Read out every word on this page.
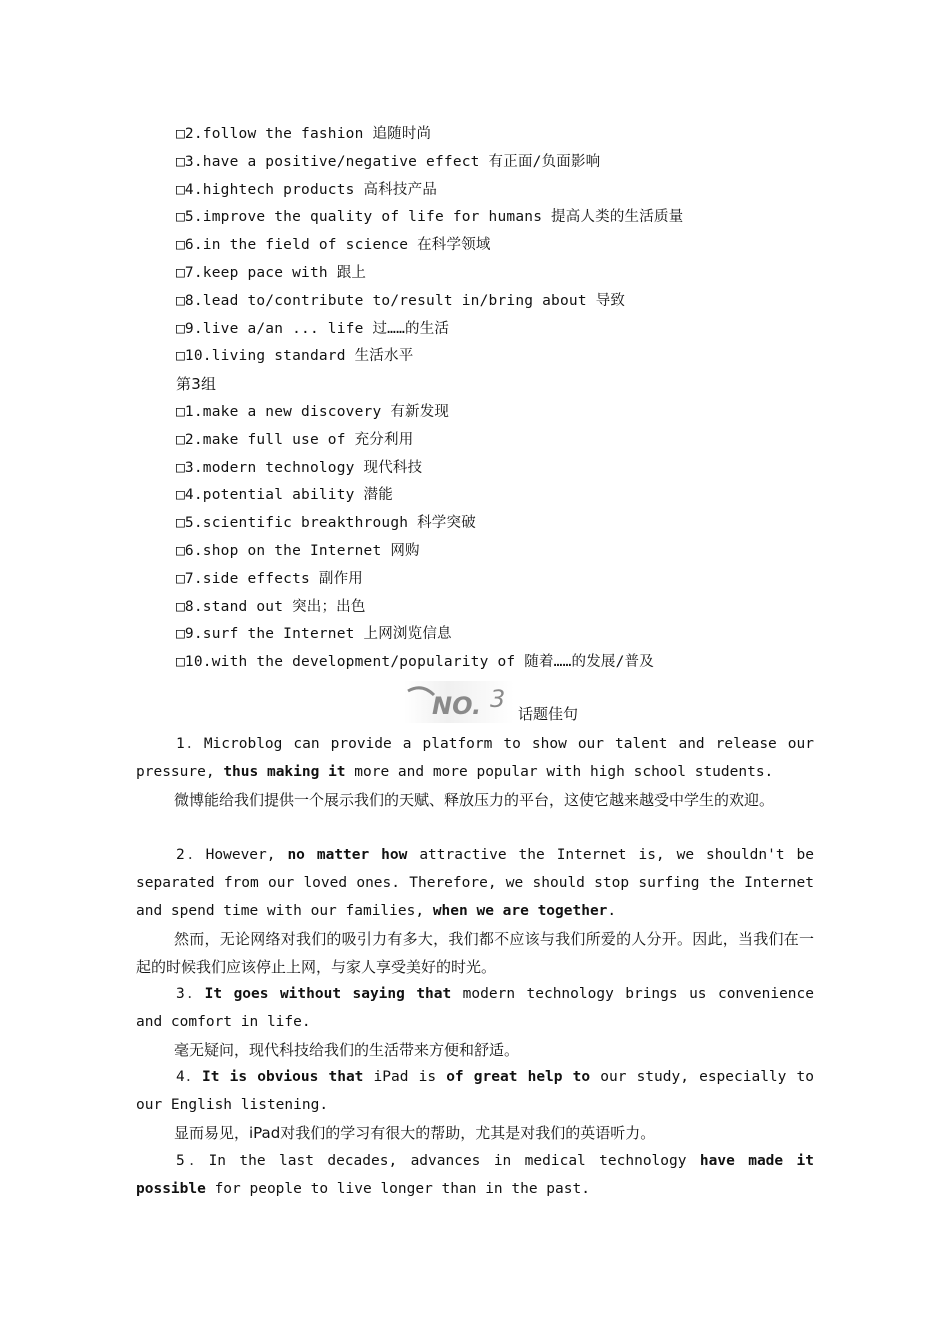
□2.follow the fashion 追随时尚
□3.have a positive/negative effect 有正面/负面影响
□4.hightech products 高科技产品
□5.improve the quality of life for humans 提高人类的生活质量
□6.in the field of science 在科学领域
□7.keep pace with 跟上
□8.lead to/contribute to/result in/bring about 导致
□9.live a/an ... life 过……的生活
□10.living standard 生活水平
第3组
□1.make a new discovery 有新发现
□2.make full use of 充分利用
□3.modern technology 现代科技
□4.potential ability 潜能
□5.scientific breakthrough 科学突破
□6.shop on the Internet 网购
□7.side effects 副作用
□8.stand out 突出；出色
□9.surf the Internet 上网浏览信息
□10.with the development/popularity of 随着……的发展/普及
NO. 3
话题佳句

1．Microblog can provide a platform to show our talent and release our pressure, thus making it more and more popular with high school students.

微博能给我们提供一个展示我们的天赋、释放压力的平台，这使它越来越受中学生的欢迎。

2．However, no matter how attractive the Internet is, we shouldn't be separated from our loved ones. Therefore, we should stop surfing the Internet and spend time with our families, when we are together.

然而，无论网络对我们的吸引力有多大，我们都不应该与我们所爱的人分开。因此，当我们在一起的时候我们应该停止上网，与家人享受美好的时光。

3．It goes without saying that modern technology brings us convenience and comfort in life.

毫无疑问，现代科技给我们的生活带来方便和舒适。

4．It is obvious that iPad is of great help to our study, especially to our English listening.

显而易见，iPad对我们的学习有很大的帮助，尤其是对我们的英语听力。

5．In the last decades, advances in medical technology have made it possible for people to live longer than in the past.
